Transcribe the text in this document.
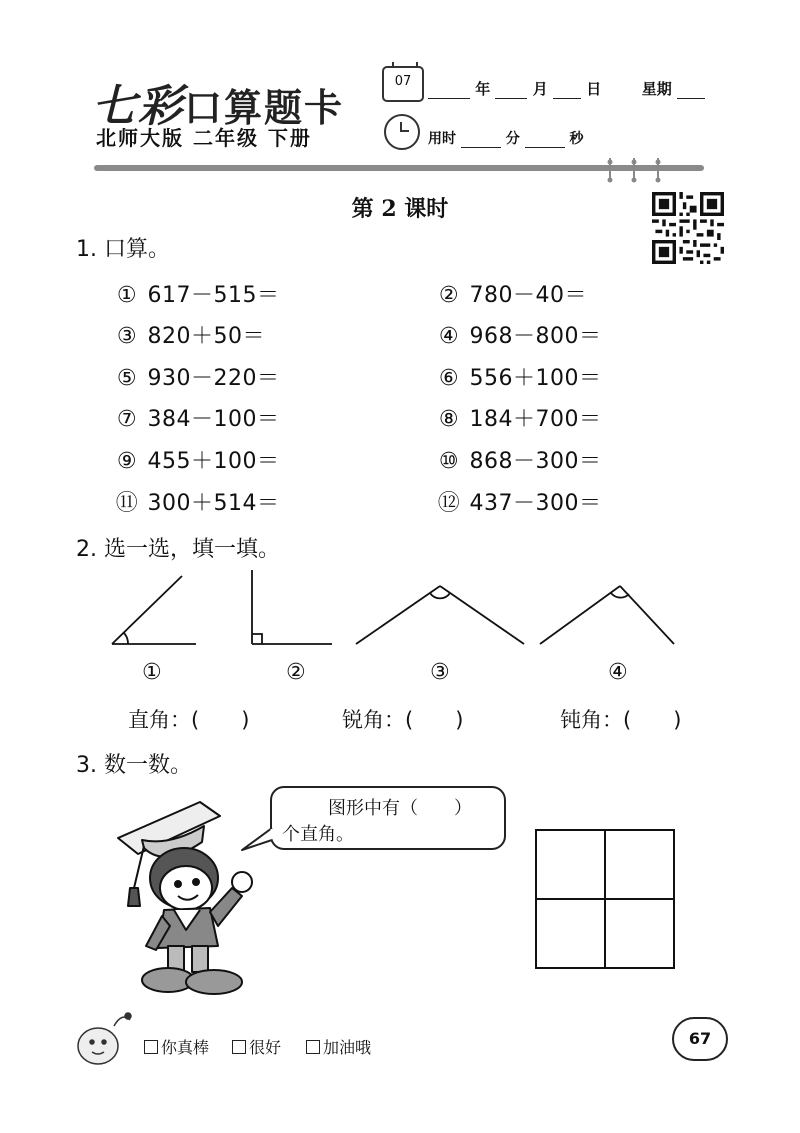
七彩口算题卡
北师大版 二年级 下册
07	年	月	日	星期
用时	分	秒
第 2 课时
1. 口算。
① 617－515＝	② 780－40＝
③ 820＋50＝	④ 968－800＝
⑤ 930－220＝	⑥ 556＋100＝
⑦ 384－100＝	⑧ 184＋700＝
⑨ 455＋100＝	⑩ 868－300＝
⑪ 300＋514＝	⑫ 437－300＝
2. 选一选，填一填。
①	②	③	④
直角：(　　)	锐角：(　　)	钝角：(　　)
3. 数一数。
图形中有（　　）
个直角。
你真棒	很好	加油哦	67
